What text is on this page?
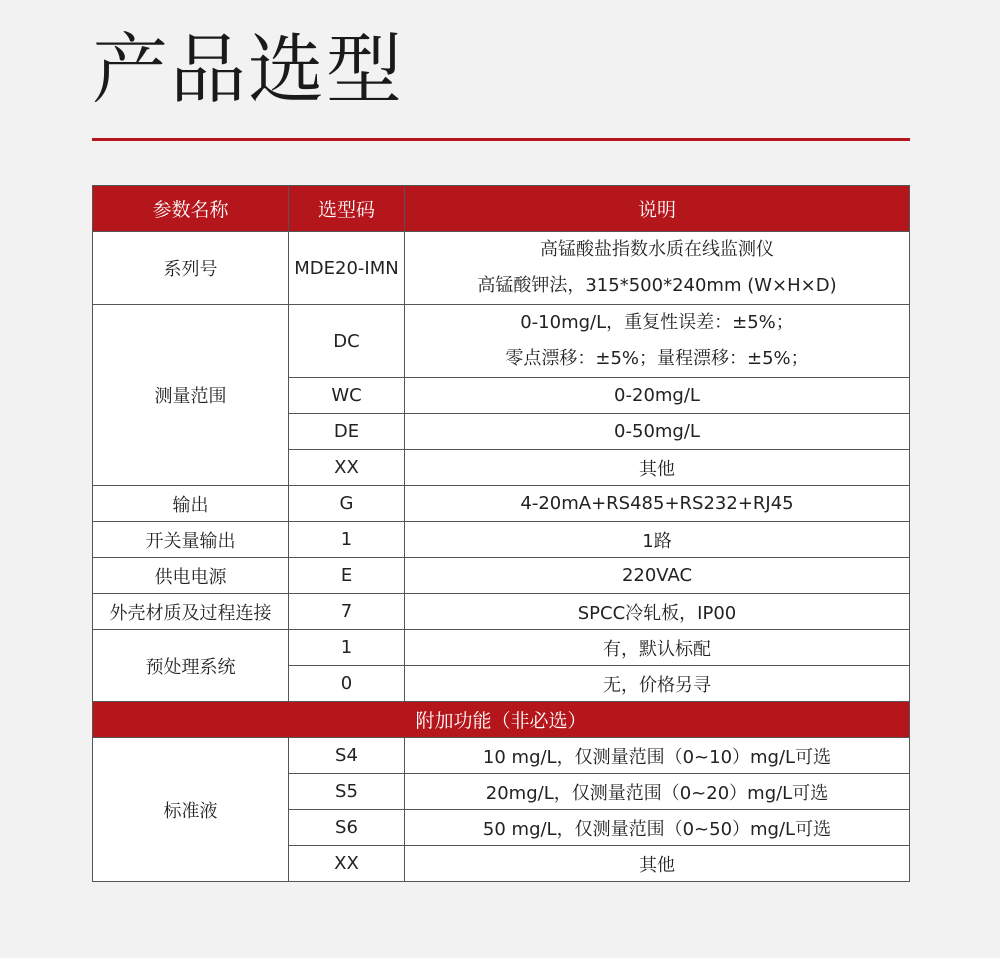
产品选型
参数名称	选型码	说明
系列号	MDE20-IMN	高锰酸盐指数水质在线监测仪
高锰酸钾法，315*500*240mm (W×H×D)

测量范围	DC	0-10mg/L，重复性误差：±5%；
零点漂移：±5%；量程漂移：±5%；

	WC	0-20mg/L
	DE	0-50mg/L
	XX	其他
输出	G	4-20mA+RS485+RS232+RJ45
开关量输出	1	1路
供电电源	E	220VAC
外壳材质及过程连接	7	SPCC冷轧板，IP00
预处理系统	1	有，默认标配
	0	无，价格另寻
附加功能（非必选）		
标准液	S4	10 mg/L，仅测量范围（0~10）mg/L可选
	S5	20mg/L，仅测量范围（0~20）mg/L可选
	S6	50 mg/L，仅测量范围（0~50）mg/L可选
	XX	其他
